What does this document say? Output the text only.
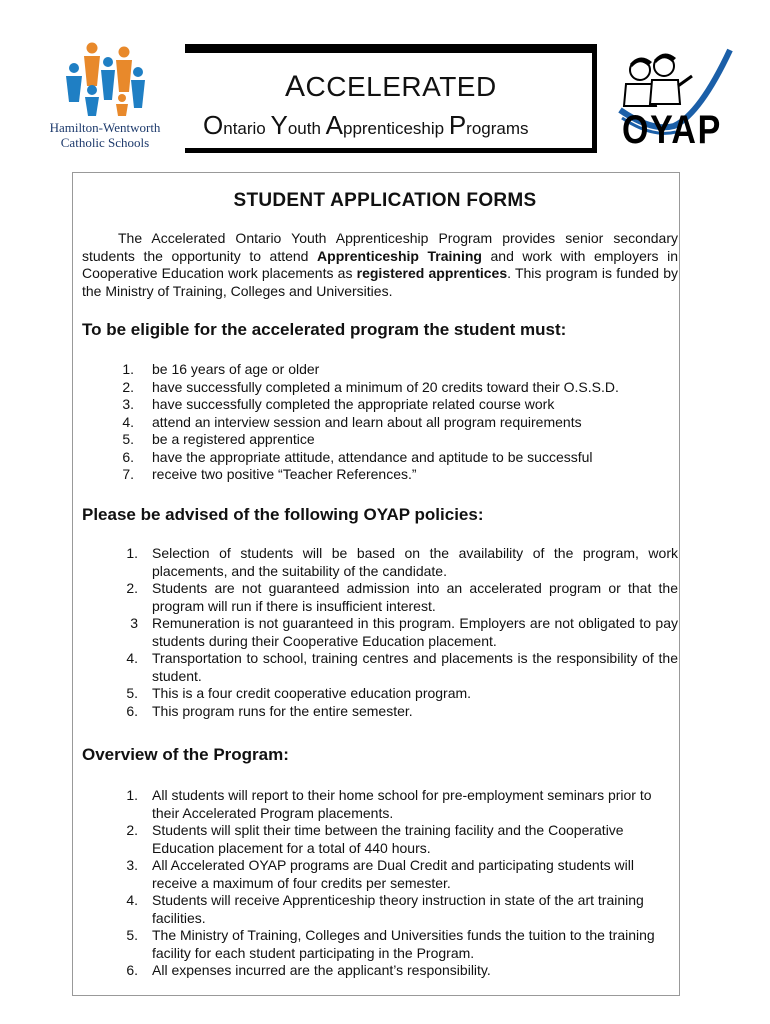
Hamilton-Wentworth
Catholic Schools
ACCELERATED
Ontario Youth Apprenticeship Programs OYAP
STUDENT APPLICATION FORMS

The Accelerated Ontario Youth Apprenticeship Program provides senior secondary students the opportunity to attend Apprenticeship Training and work with employers in Cooperative Education work placements as registered apprentices. This program is funded by the Ministry of Training, Colleges and Universities.

To be eligible for the accelerated program the student must:
1. be 16 years of age or older
2. have successfully completed a minimum of 20 credits toward their O.S.S.D.
3. have successfully completed the appropriate related course work
4. attend an interview session and learn about all program requirements
5. be a registered apprentice
6. have the appropriate attitude, attendance and aptitude to be successful
7. receive two positive “Teacher References.”
Please be advised of the following OYAP policies:
1. Selection of students will be based on the availability of the program, work placements, and the suitability of the candidate.
2. Students are not guaranteed admission into an accelerated program or that the program will run if there is insufficient interest.
3 Remuneration is not guaranteed in this program. Employers are not obligated to pay students during their Cooperative Education placement.
4. Transportation to school, training centres and placements is the responsibility of the student.
5. This is a four credit cooperative education program.
6. This program runs for the entire semester.
Overview of the Program:
1. All students will report to their home school for pre-employment seminars prior to their Accelerated Program placements.
2. Students will split their time between the training facility and the Cooperative Education placement for a total of 440 hours.
3. All Accelerated OYAP programs are Dual Credit and participating students will receive a maximum of four credits per semester.
4. Students will receive Apprenticeship theory instruction in state of the art training facilities.
5. The Ministry of Training, Colleges and Universities funds the tuition to the training facility for each student participating in the Program.
6. All expenses incurred are the applicant’s responsibility.
